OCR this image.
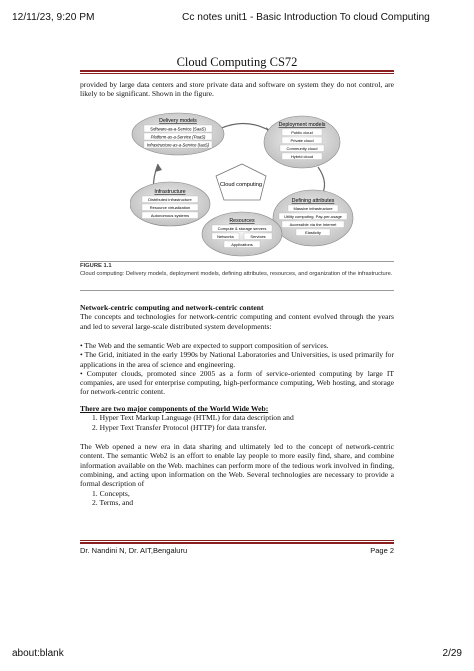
12/11/23, 9:20 PM	Cc notes unit1 - Basic Introduction To cloud Computing
Cloud Computing CS72

provided by large data centers and store private data and software on system they do not control, are likely to be significant. Shown in the figure.

Delivery models
Software-as-a-Service (SaaS)
Platform-as-a-Service (PaaS)
Infrastructure-as-a-Service (IaaS)
Deployment models
Public cloud
Private cloud
Community cloud
Hybrid cloud
Cloud computing
Infrastructure
Distributed infrastructure
Resource virtualization
Autonomous systems
Defining attributes
Massive infrastructure
Utility computing. Pay-per-usage
Accessible via the Internet
Elasticity
Resources
Compute & storage servers
Networks	Services
Applications
FIGURE 1.1
Cloud computing: Delivery models, deployment models, defining attributes, resources, and organization of the infrastructure.

Network-centric computing and network-centric content

The concepts and technologies for network-centric computing and content evolved through the years and led to several large-scale distributed system developments:

• The Web and the semantic Web are expected to support composition of services.

• The Grid, initiated in the early 1990s by National Laboratories and Universities, is used primarily for applications in the area of science and engineering.

• Computer clouds, promoted since 2005 as a form of service-oriented computing by large IT companies, are used for enterprise computing, high-performance computing, Web hosting, and storage for network-centric content.

There are two major components of the World Wide Web:

1. Hyper Text Markup Language (HTML) for data description and

2. Hyper Text Transfer Protocol (HTTP) for data transfer.

The Web opened a new era in data sharing and ultimately led to the concept of network-centric content. The semantic Web2 is an effort to enable lay people to more easily find, share, and combine information available on the Web. machines can perform more of the tedious work involved in finding, combining, and acting upon information on the Web. Several technologies are necessary to provide a formal description of

1. Concepts,

2. Terms, and

Dr. Nandini N, Dr. AIT,Bengaluru	Page 2
about:blank	2/29
